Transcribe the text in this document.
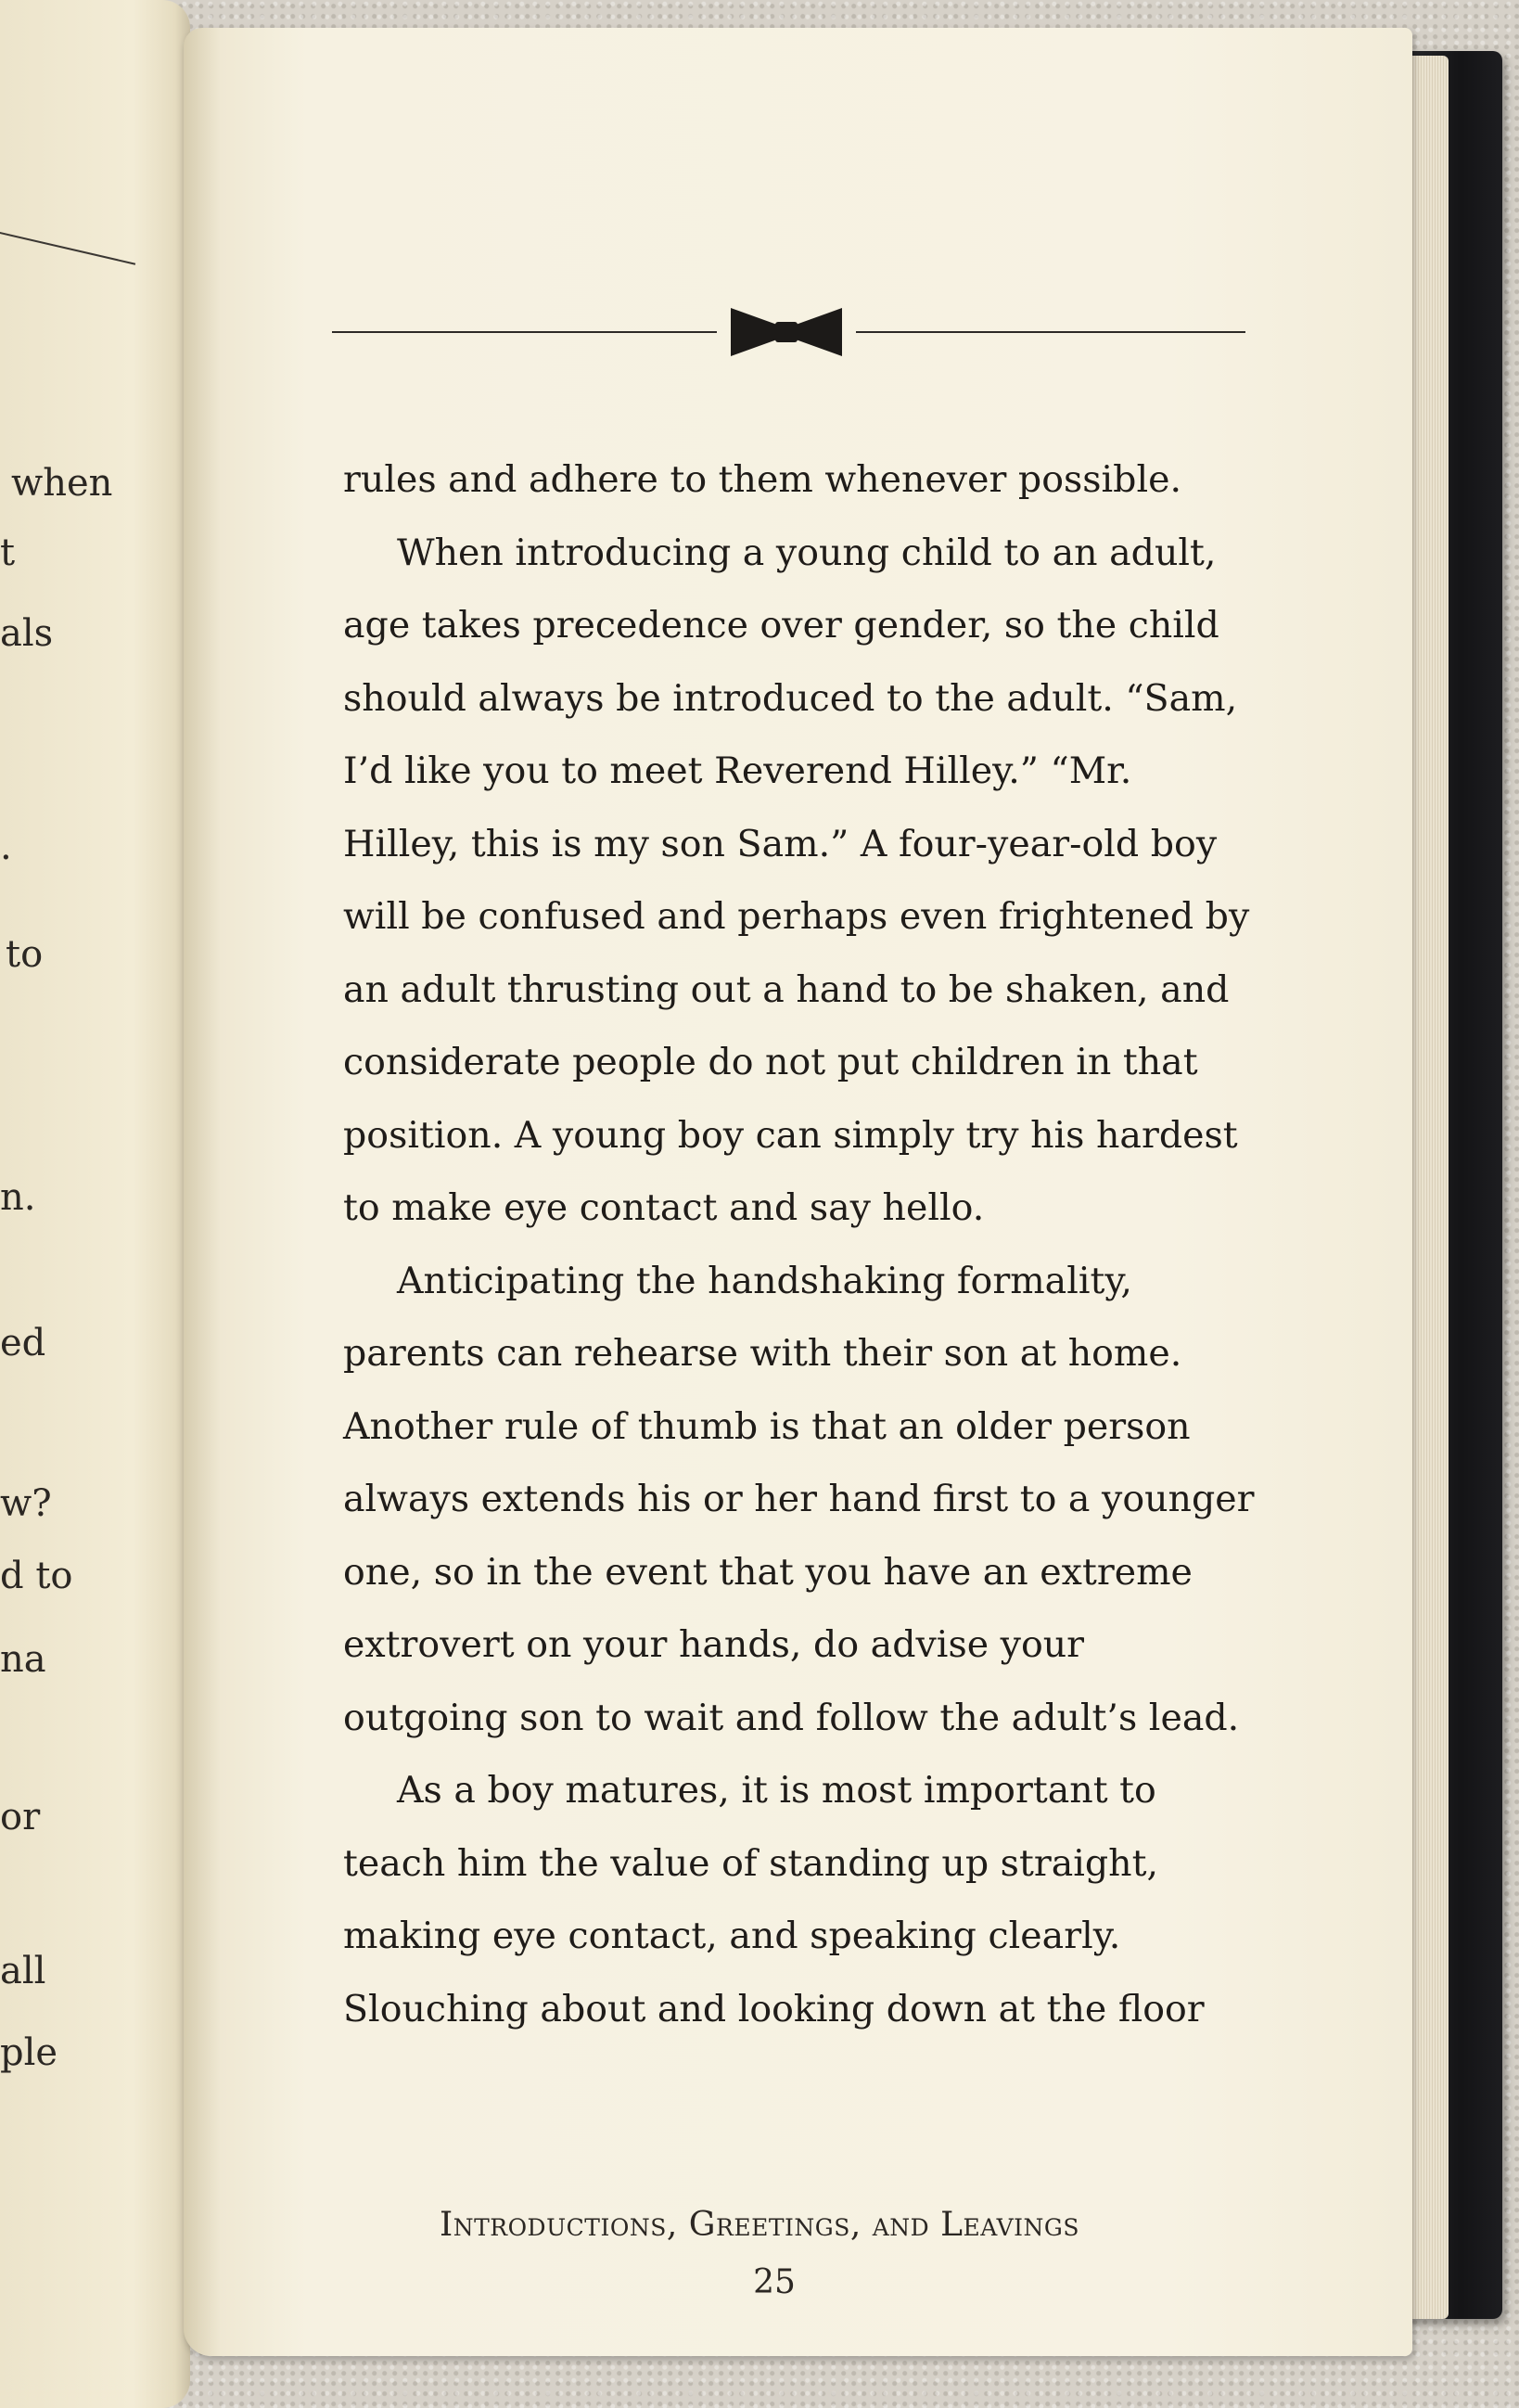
when
t
als
.
to
n.
ed
w?
d to
na
or
all
ple
rules and adhere to them whenever possible.
When introducing a young child to an adult,
age takes precedence over gender, so the child
should always be introduced to the adult. “Sam,
I’d like you to meet Reverend Hilley.” “Mr.
Hilley, this is my son Sam.” A four-year-old boy
will be confused and perhaps even frightened by
an adult thrusting out a hand to be shaken, and
considerate people do not put children in that
position. A young boy can simply try his hardest
to make eye contact and say hello.
Anticipating the handshaking formality,
parents can rehearse with their son at home.
Another rule of thumb is that an older person
always extends his or her hand first to a younger
one, so in the event that you have an extreme
extrovert on your hands, do advise your
outgoing son to wait and follow the adult’s lead.
As a boy matures, it is most important to
teach him the value of standing up straight,
making eye contact, and speaking clearly.
Slouching about and looking down at the floor
Introductions, Greetings, and Leavings
25
